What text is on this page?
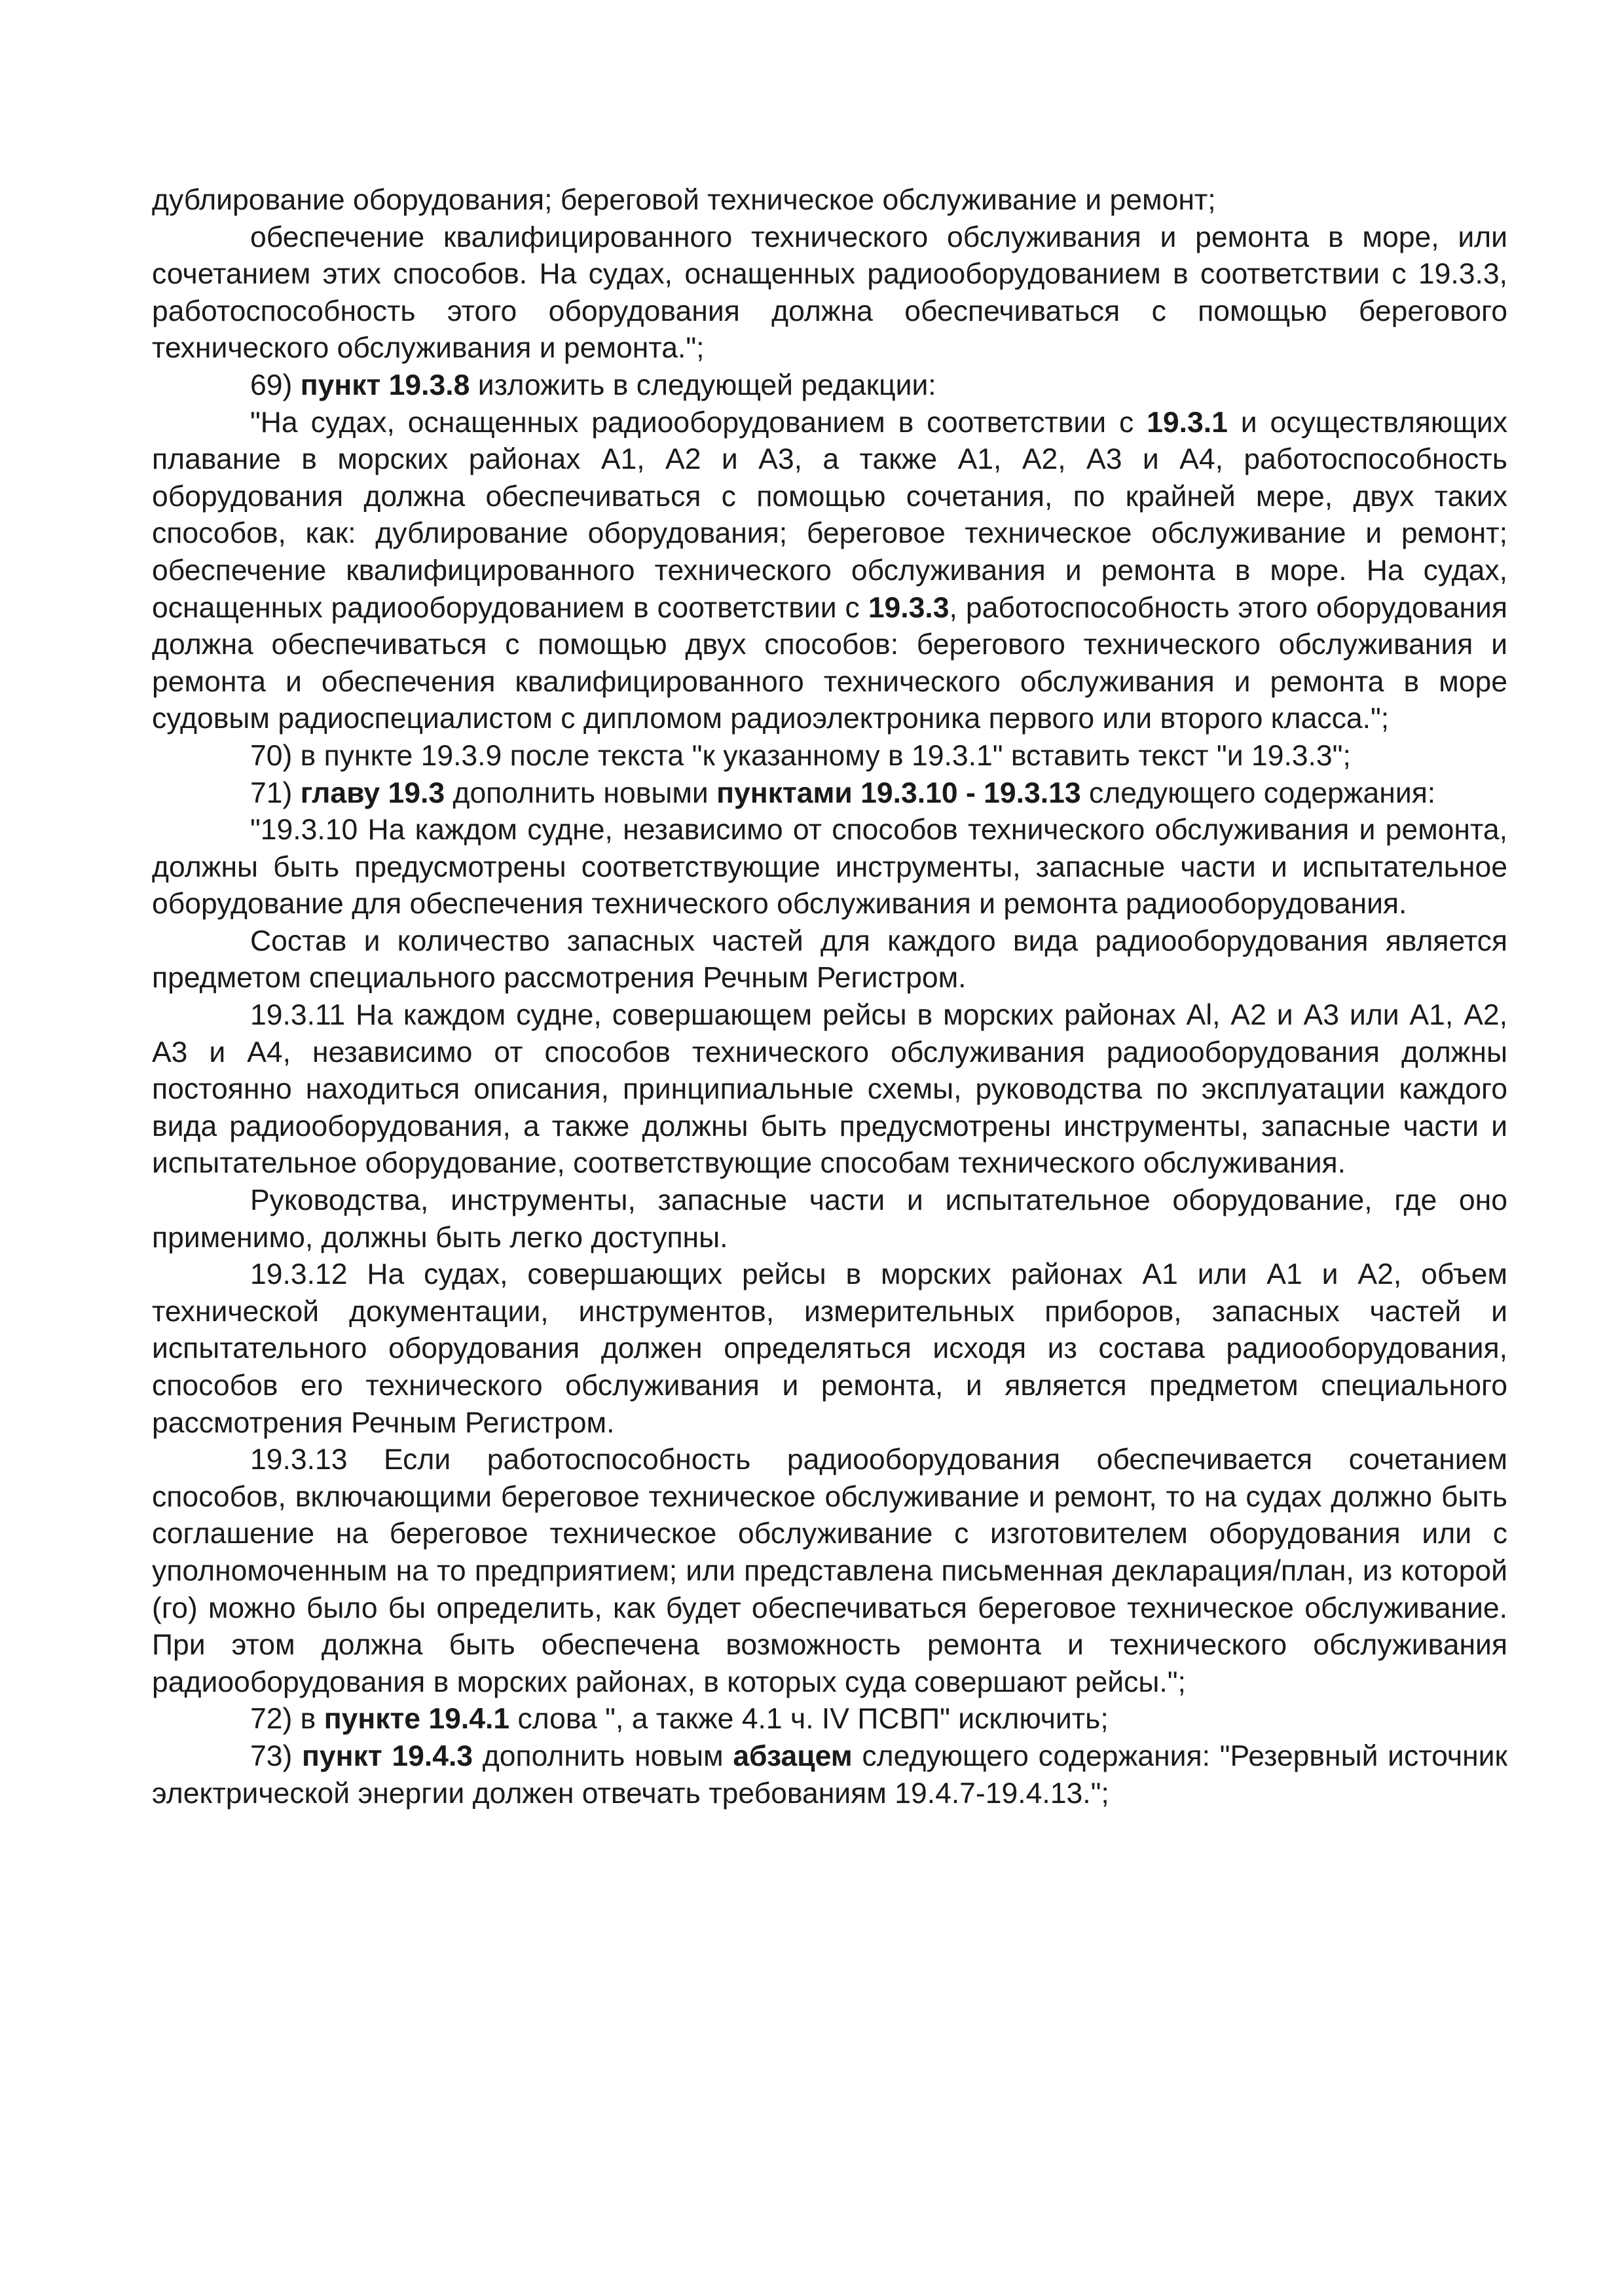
дублирование оборудования; береговой техническое обслуживание и ремонт;

обеспечение квалифицированного технического обслуживания и ремонта в море, или сочетанием этих способов. На судах, оснащенных радиооборудованием в соответствии с 19.3.3, работоспособность этого оборудования должна обеспечиваться с помощью берегового технического обслуживания и ремонта.";

69) пункт 19.3.8 изложить в следующей редакции:

"На судах, оснащенных радиооборудованием в соответствии с 19.3.1 и осуществляющих плавание в морских районах А1, А2 и А3, а также А1, А2, А3 и А4, работоспособность оборудования должна обеспечиваться с помощью сочетания, по крайней мере, двух таких способов, как: дублирование оборудования; береговое техническое обслуживание и ремонт; обеспечение квалифицированного технического обслуживания и ремонта в море. На судах, оснащенных радиооборудованием в соответствии с 19.3.3, работоспособность этого оборудования должна обеспечиваться с помощью двух способов: берегового технического обслуживания и ремонта и обеспечения квалифицированного технического обслуживания и ремонта в море судовым радиоспециалистом с дипломом радиоэлектроника первого или второго класса.";

70) в пункте 19.3.9 после текста "к указанному в 19.3.1" вставить текст "и 19.3.3";

71) главу 19.3 дополнить новыми пунктами 19.3.10 - 19.3.13 следующего содержания:

"19.3.10 На каждом судне, независимо от способов технического обслуживания и ремонта, должны быть предусмотрены соответствующие инструменты, запасные части и испытательное оборудование для обеспечения технического обслуживания и ремонта радиооборудования.

Состав и количество запасных частей для каждого вида радиооборудования является предметом специального рассмотрения Речным Регистром.

19.3.11 На каждом судне, совершающем рейсы в морских районах Al, А2 и А3 или А1, А2, А3 и А4, независимо от способов технического обслуживания радиооборудования должны постоянно находиться описания, принципиальные схемы, руководства по эксплуатации каждого вида радиооборудования, а также должны быть предусмотрены инструменты, запасные части и испытательное оборудование, соответствующие способам технического обслуживания.

Руководства, инструменты, запасные части и испытательное оборудование, где оно применимо, должны быть легко доступны.

19.3.12 На судах, совершающих рейсы в морских районах А1 или А1 и А2, объем технической документации, инструментов, измерительных приборов, запасных частей и испытательного оборудования должен определяться исходя из состава радиооборудования, способов его технического обслуживания и ремонта, и является предметом специального рассмотрения Речным Регистром.

19.3.13 Если работоспособность радиооборудования обеспечивается сочетанием способов, включающими береговое техническое обслуживание и ремонт, то на судах должно быть соглашение на береговое техническое обслуживание с изготовителем оборудования или с уполномоченным на то предприятием; или представлена письменная декларация/план, из которой (го) можно было бы определить, как будет обеспечиваться береговое техническое обслуживание. При этом должна быть обеспечена возможность ремонта и технического обслуживания радиооборудования в морских районах, в которых суда совершают рейсы.";

72) в пункте 19.4.1 слова ", а также 4.1 ч. IV ПСВП" исключить;

73) пункт 19.4.3 дополнить новым абзацем следующего содержания: "Резервный источник электрической энергии должен отвечать требованиям 19.4.7-19.4.13.";
